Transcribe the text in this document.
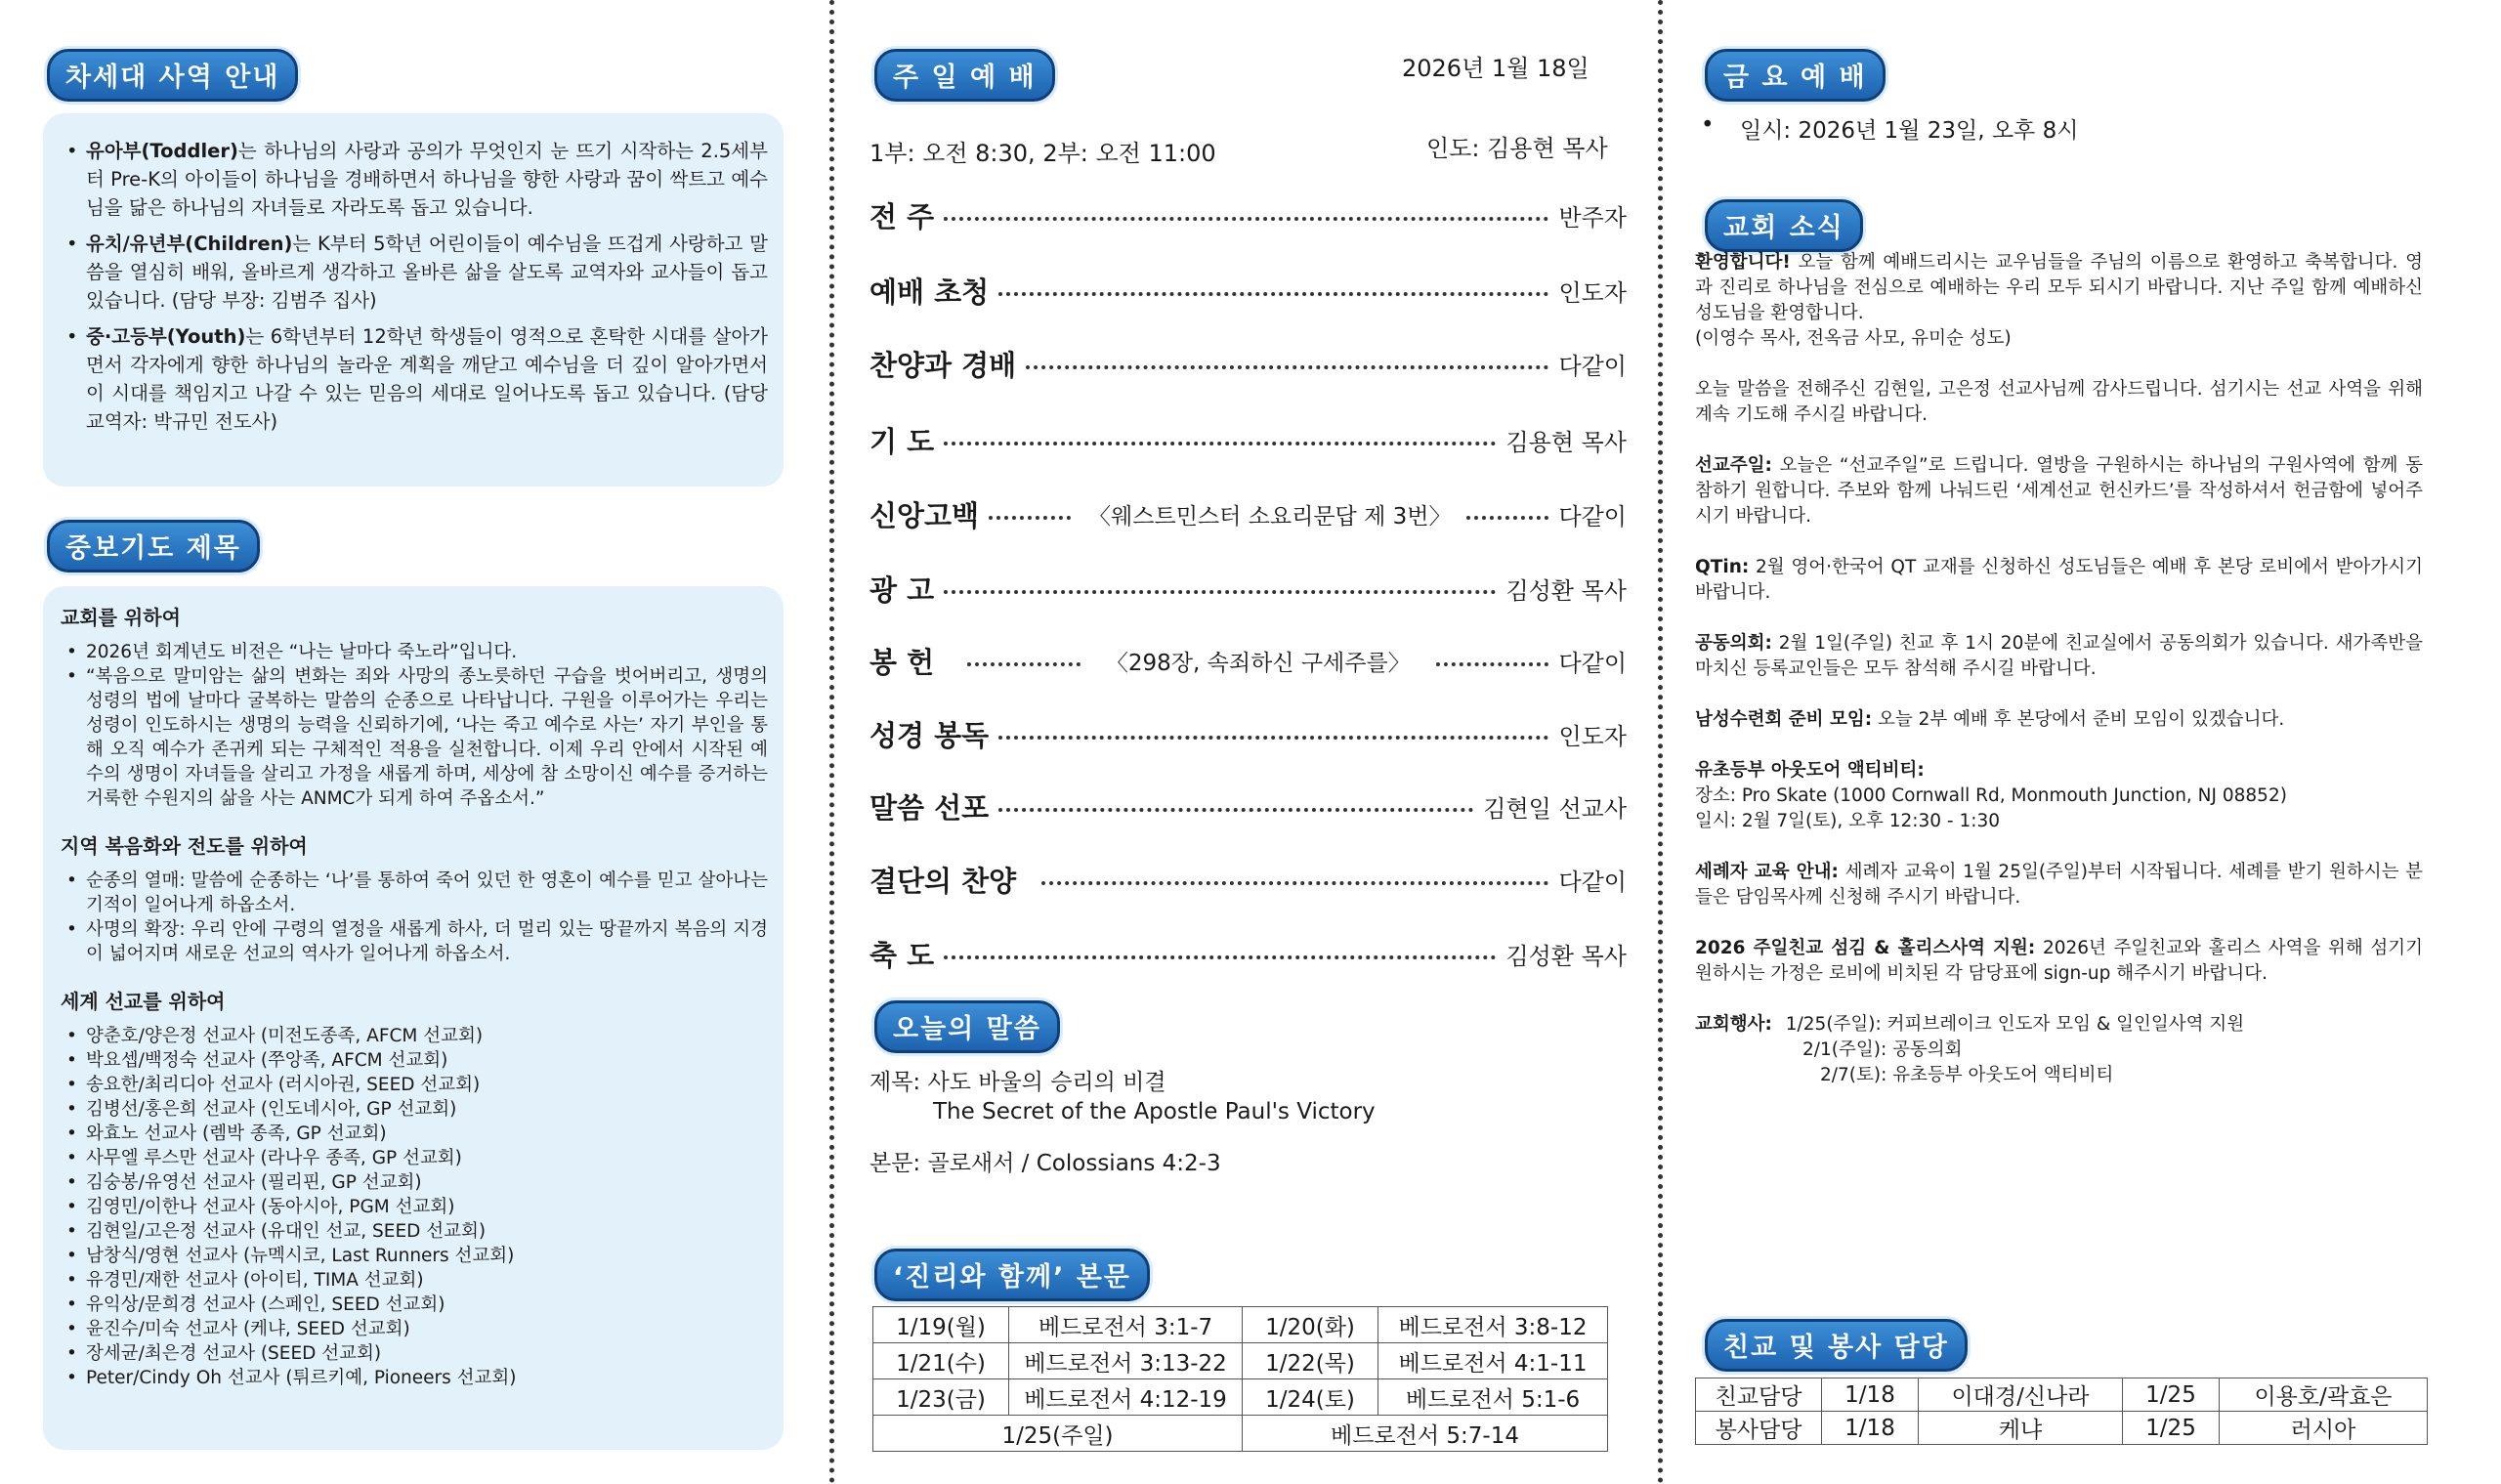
차세대 사역 안내
• 유아부(Toddler)는 하나님의 사랑과 공의가 무엇인지 눈 뜨기 시작하는 2.5세부터 Pre-K의 아이들이 하나님을 경배하면서 하나님을 향한 사랑과 꿈이 싹트고 예수님을 닮은 하나님의 자녀들로 자라도록 돕고 있습니다.
• 유치/유년부(Children)는 K부터 5학년 어린이들이 예수님을 뜨겁게 사랑하고 말씀을 열심히 배워, 올바르게 생각하고 올바른 삶을 살도록 교역자와 교사들이 돕고 있습니다. (담당 부장: 김범주 집사)
• 중·고등부(Youth)는 6학년부터 12학년 학생들이 영적으로 혼탁한 시대를 살아가면서 각자에게 향한 하나님의 놀라운 계획을 깨닫고 예수님을 더 깊이 알아가면서 이 시대를 책임지고 나갈 수 있는 믿음의 세대로 일어나도록 돕고 있습니다. (담당 교역자: 박규민 전도사)
중보기도 제목
교회를 위하여
• 2026년 회계년도 비전은 “나는 날마다 죽노라”입니다.
• “복음으로 말미암는 삶의 변화는 죄와 사망의 종노릇하던 구습을 벗어버리고, 생명의 성령의 법에 날마다 굴복하는 말씀의 순종으로 나타납니다. 구원을 이루어가는 우리는 성령이 인도하시는 생명의 능력을 신뢰하기에, ‘나는 죽고 예수로 사는’ 자기 부인을 통해 오직 예수가 존귀케 되는 구체적인 적용을 실천합니다. 이제 우리 안에서 시작된 예수의 생명이 자녀들을 살리고 가정을 새롭게 하며, 세상에 참 소망이신 예수를 증거하는 거룩한 수원지의 삶을 사는 ANMC가 되게 하여 주옵소서.”
지역 복음화와 전도를 위하여
• 순종의 열매: 말씀에 순종하는 ‘나’를 통하여 죽어 있던 한 영혼이 예수를 믿고 살아나는 기적이 일어나게 하옵소서.
• 사명의 확장: 우리 안에 구령의 열정을 새롭게 하사, 더 멀리 있는 땅끝까지 복음의 지경이 넓어지며 새로운 선교의 역사가 일어나게 하옵소서.
세계 선교를 위하여
• 양춘호/양은정 선교사 (미전도종족, AFCM 선교회)
• 박요셉/백정숙 선교사 (쭈앙족, AFCM 선교회)
• 송요한/최리디아 선교사 (러시아권, SEED 선교회)
• 김병선/홍은희 선교사 (인도네시아, GP 선교회)
• 와효노 선교사 (렘박 종족, GP 선교회)
• 사무엘 루스만 선교사 (라나우 종족, GP 선교회)
• 김숭봉/유영선 선교사 (필리핀, GP 선교회)
• 김영민/이한나 선교사 (동아시아, PGM 선교회)
• 김현일/고은정 선교사 (유대인 선교, SEED 선교회)
• 남창식/영현 선교사 (뉴멕시코, Last Runners 선교회)
• 유경민/재한 선교사 (아이티, TIMA 선교회)
• 유익상/문희경 선교사 (스페인, SEED 선교회)
• 윤진수/미숙 선교사 (케냐, SEED 선교회)
• 장세균/최은경 선교사 (SEED 선교회)
• Peter/Cindy Oh 선교사 (튀르키예, Pioneers 선교회)
주 일 예 배	2026년 1월 18일
1부: 오전 8:30, 2부: 오전 11:00	인도: 김용현 목사
전 주	반주자
예배 초청	인도자
찬양과 경배	다같이
기 도	김용현 목사
신앙고백	〈웨스트민스터 소요리문답 제 3번〉	다같이
광 고	김성환 목사
봉 헌	〈298장, 속죄하신 구세주를〉	다같이
성경 봉독	인도자
말씀 선포	김현일 선교사
결단의 찬양	다같이
축 도	김성환 목사
오늘의 말씀
제목: 사도 바울의 승리의 비결
The Secret of the Apostle Paul's Victory
본문: 골로새서 / Colossians 4:2-3
‘진리와 함께’ 본문
1/19(월)	베드로전서 3:1-7	1/20(화)	베드로전서 3:8-12
1/21(수)	베드로전서 3:13-22	1/22(목)	베드로전서 4:1-11
1/23(금)	베드로전서 4:12-19	1/24(토)	베드로전서 5:1-6
1/25(주일)		베드로전서 5:7-14	
금 요 예 배
• 일시: 2026년 1월 23일, 오후 8시
교회 소식

환영합니다! 오늘 함께 예배드리시는 교우님들을 주님의 이름으로 환영하고 축복합니다. 영과 진리로 하나님을 전심으로 예배하는 우리 모두 되시기 바랍니다. 지난 주일 함께 예배하신 성도님을 환영합니다.

(이영수 목사, 전옥금 사모, 유미순 성도)

오늘 말씀을 전해주신 김현일, 고은정 선교사님께 감사드립니다. 섬기시는 선교 사역을 위해 계속 기도해 주시길 바랍니다.

선교주일: 오늘은 “선교주일”로 드립니다. 열방을 구원하시는 하나님의 구원사역에 함께 동참하기 원합니다. 주보와 함께 나눠드린 ‘세계선교 헌신카드’를 작성하셔서 헌금함에 넣어주시기 바랍니다.

QTin: 2월 영어·한국어 QT 교재를 신청하신 성도님들은 예배 후 본당 로비에서 받아가시기 바랍니다.

공동의회: 2월 1일(주일) 친교 후 1시 20분에 친교실에서 공동의회가 있습니다. 새가족반을 마치신 등록교인들은 모두 참석해 주시길 바랍니다.

남성수련회 준비 모임: 오늘 2부 예배 후 본당에서 준비 모임이 있겠습니다.

유초등부 아웃도어 액티비티:

장소: Pro Skate (1000 Cornwall Rd, Monmouth Junction, NJ 08852)

일시: 2월 7일(토), 오후 12:30 - 1:30

세례자 교육 안내: 세례자 교육이 1월 25일(주일)부터 시작됩니다. 세례를 받기 원하시는 분들은 담임목사께 신청해 주시기 바랍니다.

2026 주일친교 섬김 & 홀리스사역 지원: 2026년 주일친교와 홀리스 사역을 위해 섬기기 원하시는 가정은 로비에 비치된 각 담당표에 sign-up 해주시기 바랍니다.

교회행사: 1/25(주일): 커피브레이크 인도자 모임 & 일인일사역 지원
2/1(주일): 공동의회
2/7(토): 유초등부 아웃도어 액티비티
친교 및 봉사 담당
친교담당	1/18	이대경/신나라	1/25	이용호/곽효은
봉사담당	1/18	케냐	1/25	러시아
